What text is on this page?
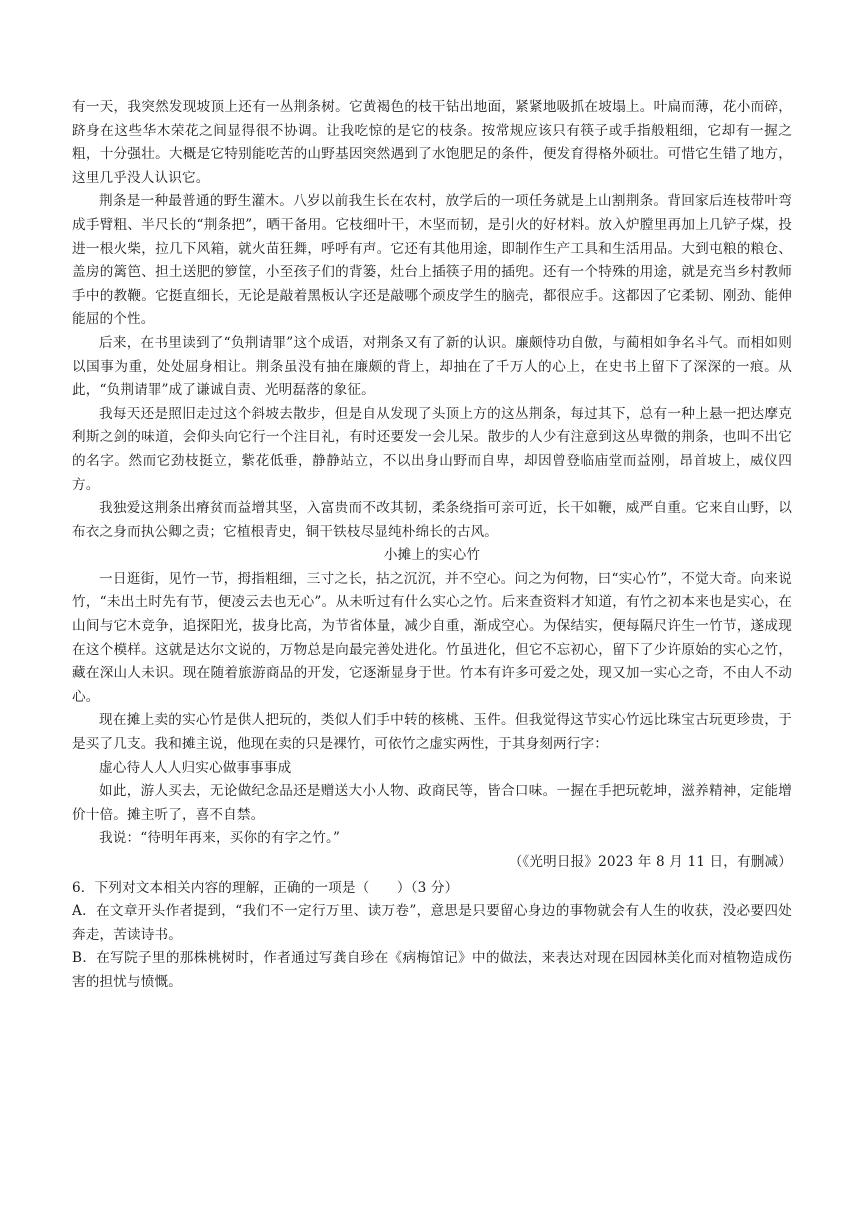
有一天，我突然发现坡顶上还有一丛荆条树。它黄褐色的枝干钻出地面，紧紧地吸抓在坡塌上。叶扁而薄，花小而碎，跻身在这些华木荣花之间显得很不协调。让我吃惊的是它的枝条。按常规应该只有筷子或手指般粗细，它却有一握之粗，十分强壮。大概是它特别能吃苦的山野基因突然遇到了水饱肥足的条件，便发育得格外硕壮。可惜它生错了地方，这里几乎没人认识它。

荆条是一种最普通的野生灌木。八岁以前我生长在农村，放学后的一项任务就是上山割荆条。背回家后连枝带叶弯成手臂粗、半尺长的“荆条把”，晒干备用。它枝细叶干，木坚而韧，是引火的好材料。放入炉膛里再加上几铲子煤，投进一根火柴，拉几下风箱，就火苗狂舞，呼呼有声。它还有其他用途，即制作生产工具和生活用品。大到屯粮的粮仓、盖房的篱笆、担土送肥的箩筐，小至孩子们的背篓，灶台上插筷子用的插兜。还有一个特殊的用途，就是充当乡村教师手中的教鞭。它挺直细长，无论是敲着黑板认字还是敲哪个顽皮学生的脑壳，都很应手。这都因了它柔韧、刚劲、能伸能屈的个性。

后来，在书里读到了“负荆请罪”这个成语，对荆条又有了新的认识。廉颇恃功自傲，与蔺相如争名斗气。而相如则以国事为重，处处屈身相让。荆条虽没有抽在廉颇的背上，却抽在了千万人的心上，在史书上留下了深深的一痕。从此，“负荆请罪”成了谦诚自责、光明磊落的象征。

我每天还是照旧走过这个斜坡去散步，但是自从发现了头顶上方的这丛荆条，每过其下，总有一种上悬一把达摩克利斯之剑的味道，会仰头向它行一个注目礼，有时还要发一会儿呆。散步的人少有注意到这丛卑微的荆条，也叫不出它的名字。然而它劲枝挺立，紫花低垂，静静站立，不以出身山野而自卑，却因曾登临庙堂而益刚，昂首坡上，威仪四方。

我独爱这荆条出瘠贫而益增其坚，入富贵而不改其韧，柔条绕指可亲可近，长干如鞭，威严自重。它来自山野，以布衣之身而执公卿之责；它植根青史，铜干铁枝尽显纯朴绵长的古风。

小摊上的实心竹

一日逛街，见竹一节，拇指粗细，三寸之长，拈之沉沉，并不空心。问之为何物，曰“实心竹”，不觉大奇。向来说竹，“未出土时先有节，便凌云去也无心”。从未听过有什么实心之竹。后来查资料才知道，有竹之初本来也是实心，在山间与它木竞争，追探阳光，拔身比高，为节省体量，减少自重，渐成空心。为保结实，便每隔尺许生一竹节，遂成现在这个模样。这就是达尔文说的，万物总是向最完善处进化。竹虽进化，但它不忘初心，留下了少许原始的实心之竹，藏在深山人未识。现在随着旅游商品的开发，它逐渐显身于世。竹本有许多可爱之处，现又加一实心之奇，不由人不动心。

现在摊上卖的实心竹是供人把玩的，类似人们手中转的核桃、玉件。但我觉得这节实心竹远比珠宝古玩更珍贵，于是买了几支。我和摊主说，他现在卖的只是裸竹，可依竹之虚实两性，于其身刻两行字：

虚心待人人人归实心做事事事成

如此，游人买去，无论做纪念品还是赠送大小人物、政商民等，皆合口味。一握在手把玩乾坤，滋养精神，定能增价十倍。摊主听了，喜不自禁。

我说：“待明年再来，买你的有字之竹。”

（《光明日报》2023 年 8 月 11 日，有删减）

6．下列对文本相关内容的理解，正确的一项是（　　）（3 分）

A．在文章开头作者提到，“我们不一定行万里、读万卷”，意思是只要留心身边的事物就会有人生的收获，没必要四处奔走，苦读诗书。

B．在写院子里的那株桃树时，作者通过写龚自珍在《病梅馆记》中的做法，来表达对现在因园林美化而对植物造成伤害的担忧与愤慨。
